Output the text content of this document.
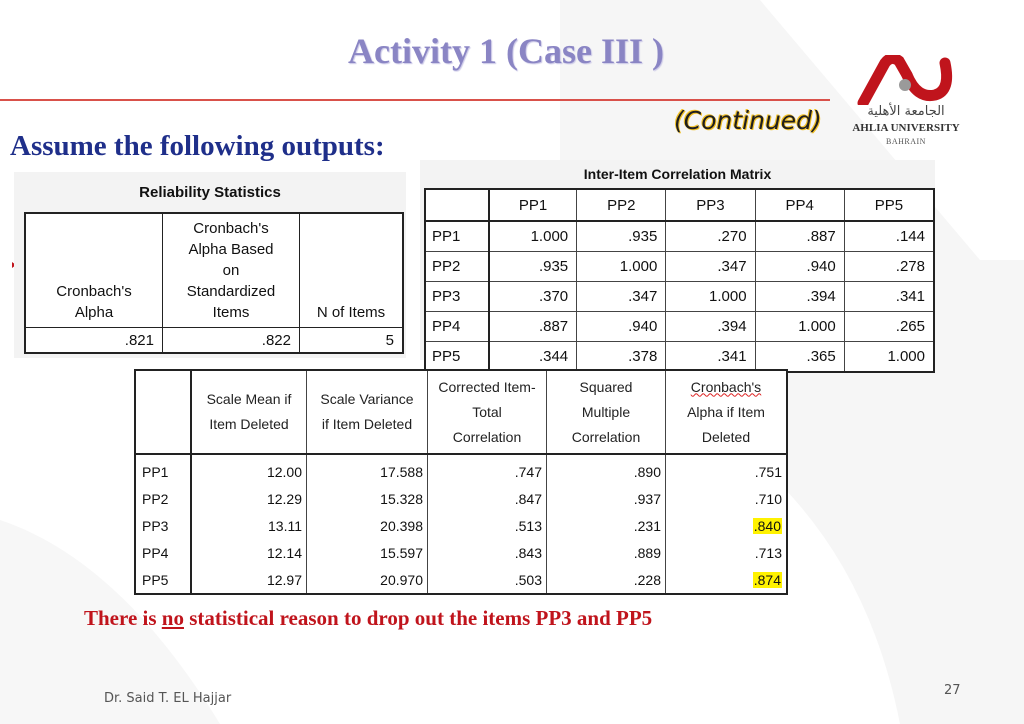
Activity 1 (Case III )
(Continued)	الجامعة الأهلية
AHLIA UNIVERSITY
BAHRAIN
Assume the following outputs:
Reliability Statistics
Cronbach's
Alpha	Cronbach's
Alpha Based
on
Standardized
Items	N of Items
.821	.822	5
Inter-Item Correlation Matrix
	PP1	PP2	PP3	PP4	PP5
PP1	1.000	.935	.270	.887	.144
PP2	.935	1.000	.347	.940	.278
PP3	.370	.347	1.000	.394	.341
PP4	.887	.940	.394	1.000	.265
PP5	.344	.378	.341	.365	1.000
	Scale Mean if
Item Deleted	Scale Variance
if Item Deleted	Corrected Item-
Total
Correlation	Squared
Multiple
Correlation	Cronbach's
Alpha if Item
Deleted
PP1	12.00	17.588	.747	.890	.751
PP2	12.29	15.328	.847	.937	.710
PP3	13.11	20.398	.513	.231	.840
PP4	12.14	15.597	.843	.889	.713
PP5	12.97	20.970	.503	.228	.874
There is no statistical reason to drop out the items PP3 and PP5
Dr. Said T. EL Hajjar
27
